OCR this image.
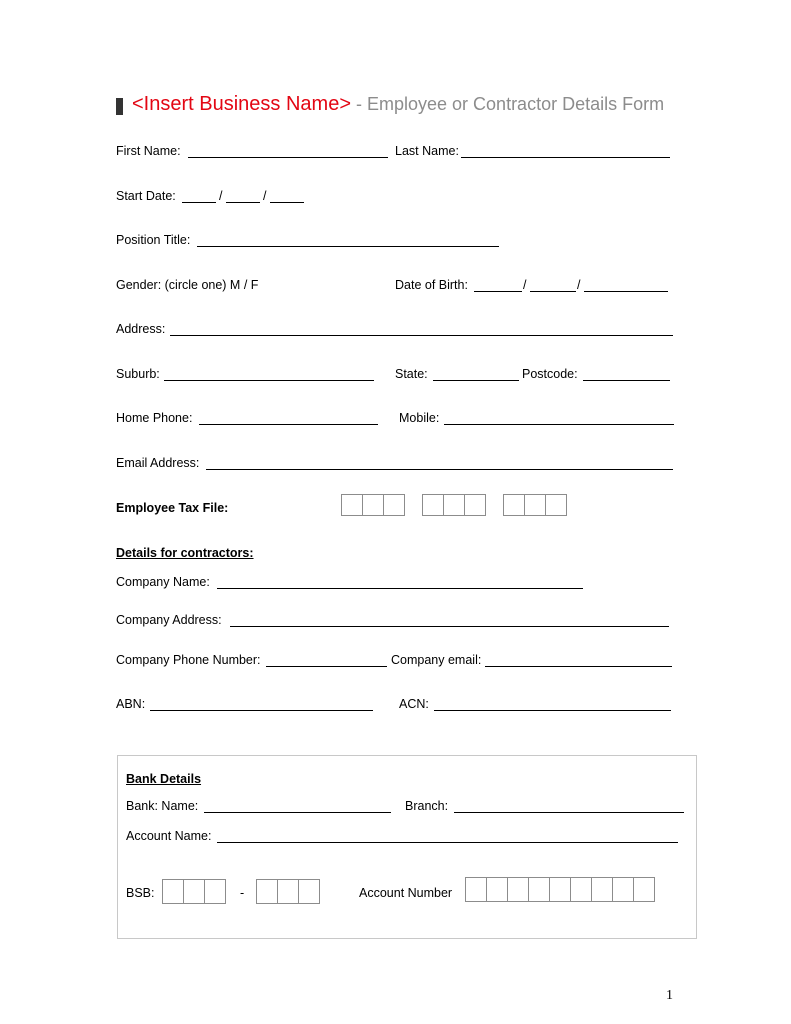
<Insert Business Name> - Employee or Contractor Details Form
First Name:	Last Name:
Start Date:	/	/
Position Title:
Gender: (circle one) M / F	Date of Birth:	/	/
Address:
Suburb:	State:	Postcode:
Home Phone:	Mobile:
Email Address:
Employee Tax File:
Details for contractors:
Company Name:
Company Address:
Company Phone Number:	Company email:
ABN:	ACN:
Bank Details
Bank: Name:	Branch:
Account Name:
BSB:	-	Account Number
1
